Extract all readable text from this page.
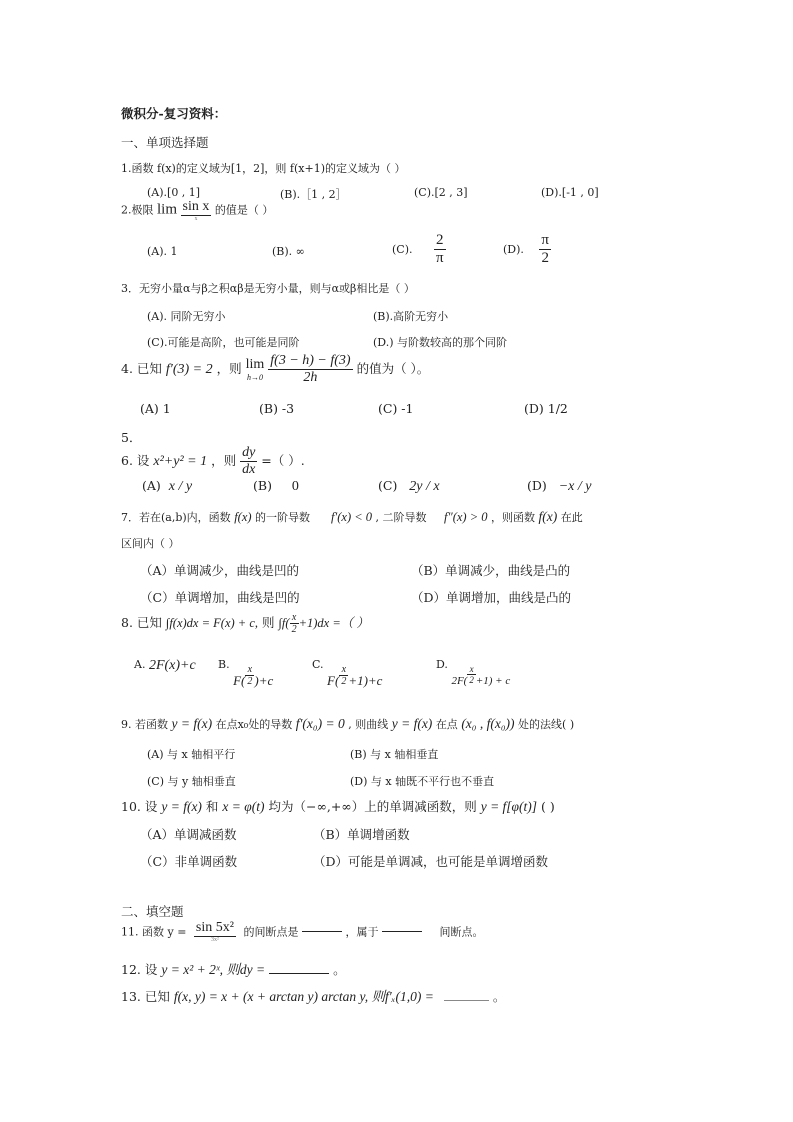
微积分-复习资料：
一、单项选择题
1.函数 f(x)的定义域为[1，2]，则 f(x+1)的定义域为（ ）
(A).[0 , 1]	(B).［1 , 2］	(C).[2 , 3]	(D).[-1 , 0]
2.极限 $\lim \frac{\text{sin x}}{x}$ 的值是（ ）
(A). 1	(B). ∞	(C). $\frac{2}{\pi}$	(D). $\frac{\pi}{2}$
3．无穷小量α与β之积αβ是无穷小量，则与α或β相比是（ ）
(A). 同阶无穷小	(B).高阶无穷小
(C).可能是高阶，也可能是同阶	(D.) 与阶数较高的那个同阶
4. 已知 f′(3) = 2 ，则 lim
h→0
$\frac{f(3 - h) - f(3)}{2h}$ 的值为（ ）。
(A) 1	(B) -3	(C) -1	(D) 1/2
5．
6. 设 x²+y² = 1 ，则 $\frac{dy}{dx}$ =（ ）.
(A) x / y	(B) 0	(C) 2y / x	(D) −x / y
7．若在(a,b)内，函数 f(x) 的一阶导数 f′(x) < 0 , 二阶导数 f″(x) > 0 ，则函数 f(x) 在此
区间内（ ）
（A）单调减少，曲线是凹的	（B）单调减少，曲线是凸的
（C）单调增加，曲线是凹的	（D）单调增加，曲线是凸的
8. 已知 ∫f(x)dx = F(x) + c, 则 $\int f( \frac{x}{2} +1)dx$ =（ ）
A. 2F(x)+c B. $F( \frac{x}{2} )+c$
C. $F( \frac{x}{2} +1)+c$
D. $2F( \frac{x}{2} +1) + c$
9. 若函数 y = f(x) 在点x₀处的导数 f′(x₀) = 0 , 则曲线 y = f(x) 在点 (x₀ , f(x₀)) 处的法线( )
(A) 与 x 轴相平行	(B) 与 x 轴相垂直
(C) 与 y 轴相垂直	(D) 与 x 轴既不平行也不垂直
10. 设 y = f(x) 和 x = φ(t) 均为（−∞,+∞）上的单调减函数，则 y = f[φ(t)] ( )
（A）单调减函数	（B）单调增函数
（C）非单调函数	（D）可能是单调减，也可能是单调增函数
二、填空题
11. 函数 $y = \frac{\text{sin 5x²}}{\text{3x²}}$ 的间断点是	，属于	间断点。
12. 设 y = x² + 2ˣ, 则dy =	。
13. 已知 f(x, y) = x + (x + arctan y) arctan y, 则f′ₓ(1,0) =	。
